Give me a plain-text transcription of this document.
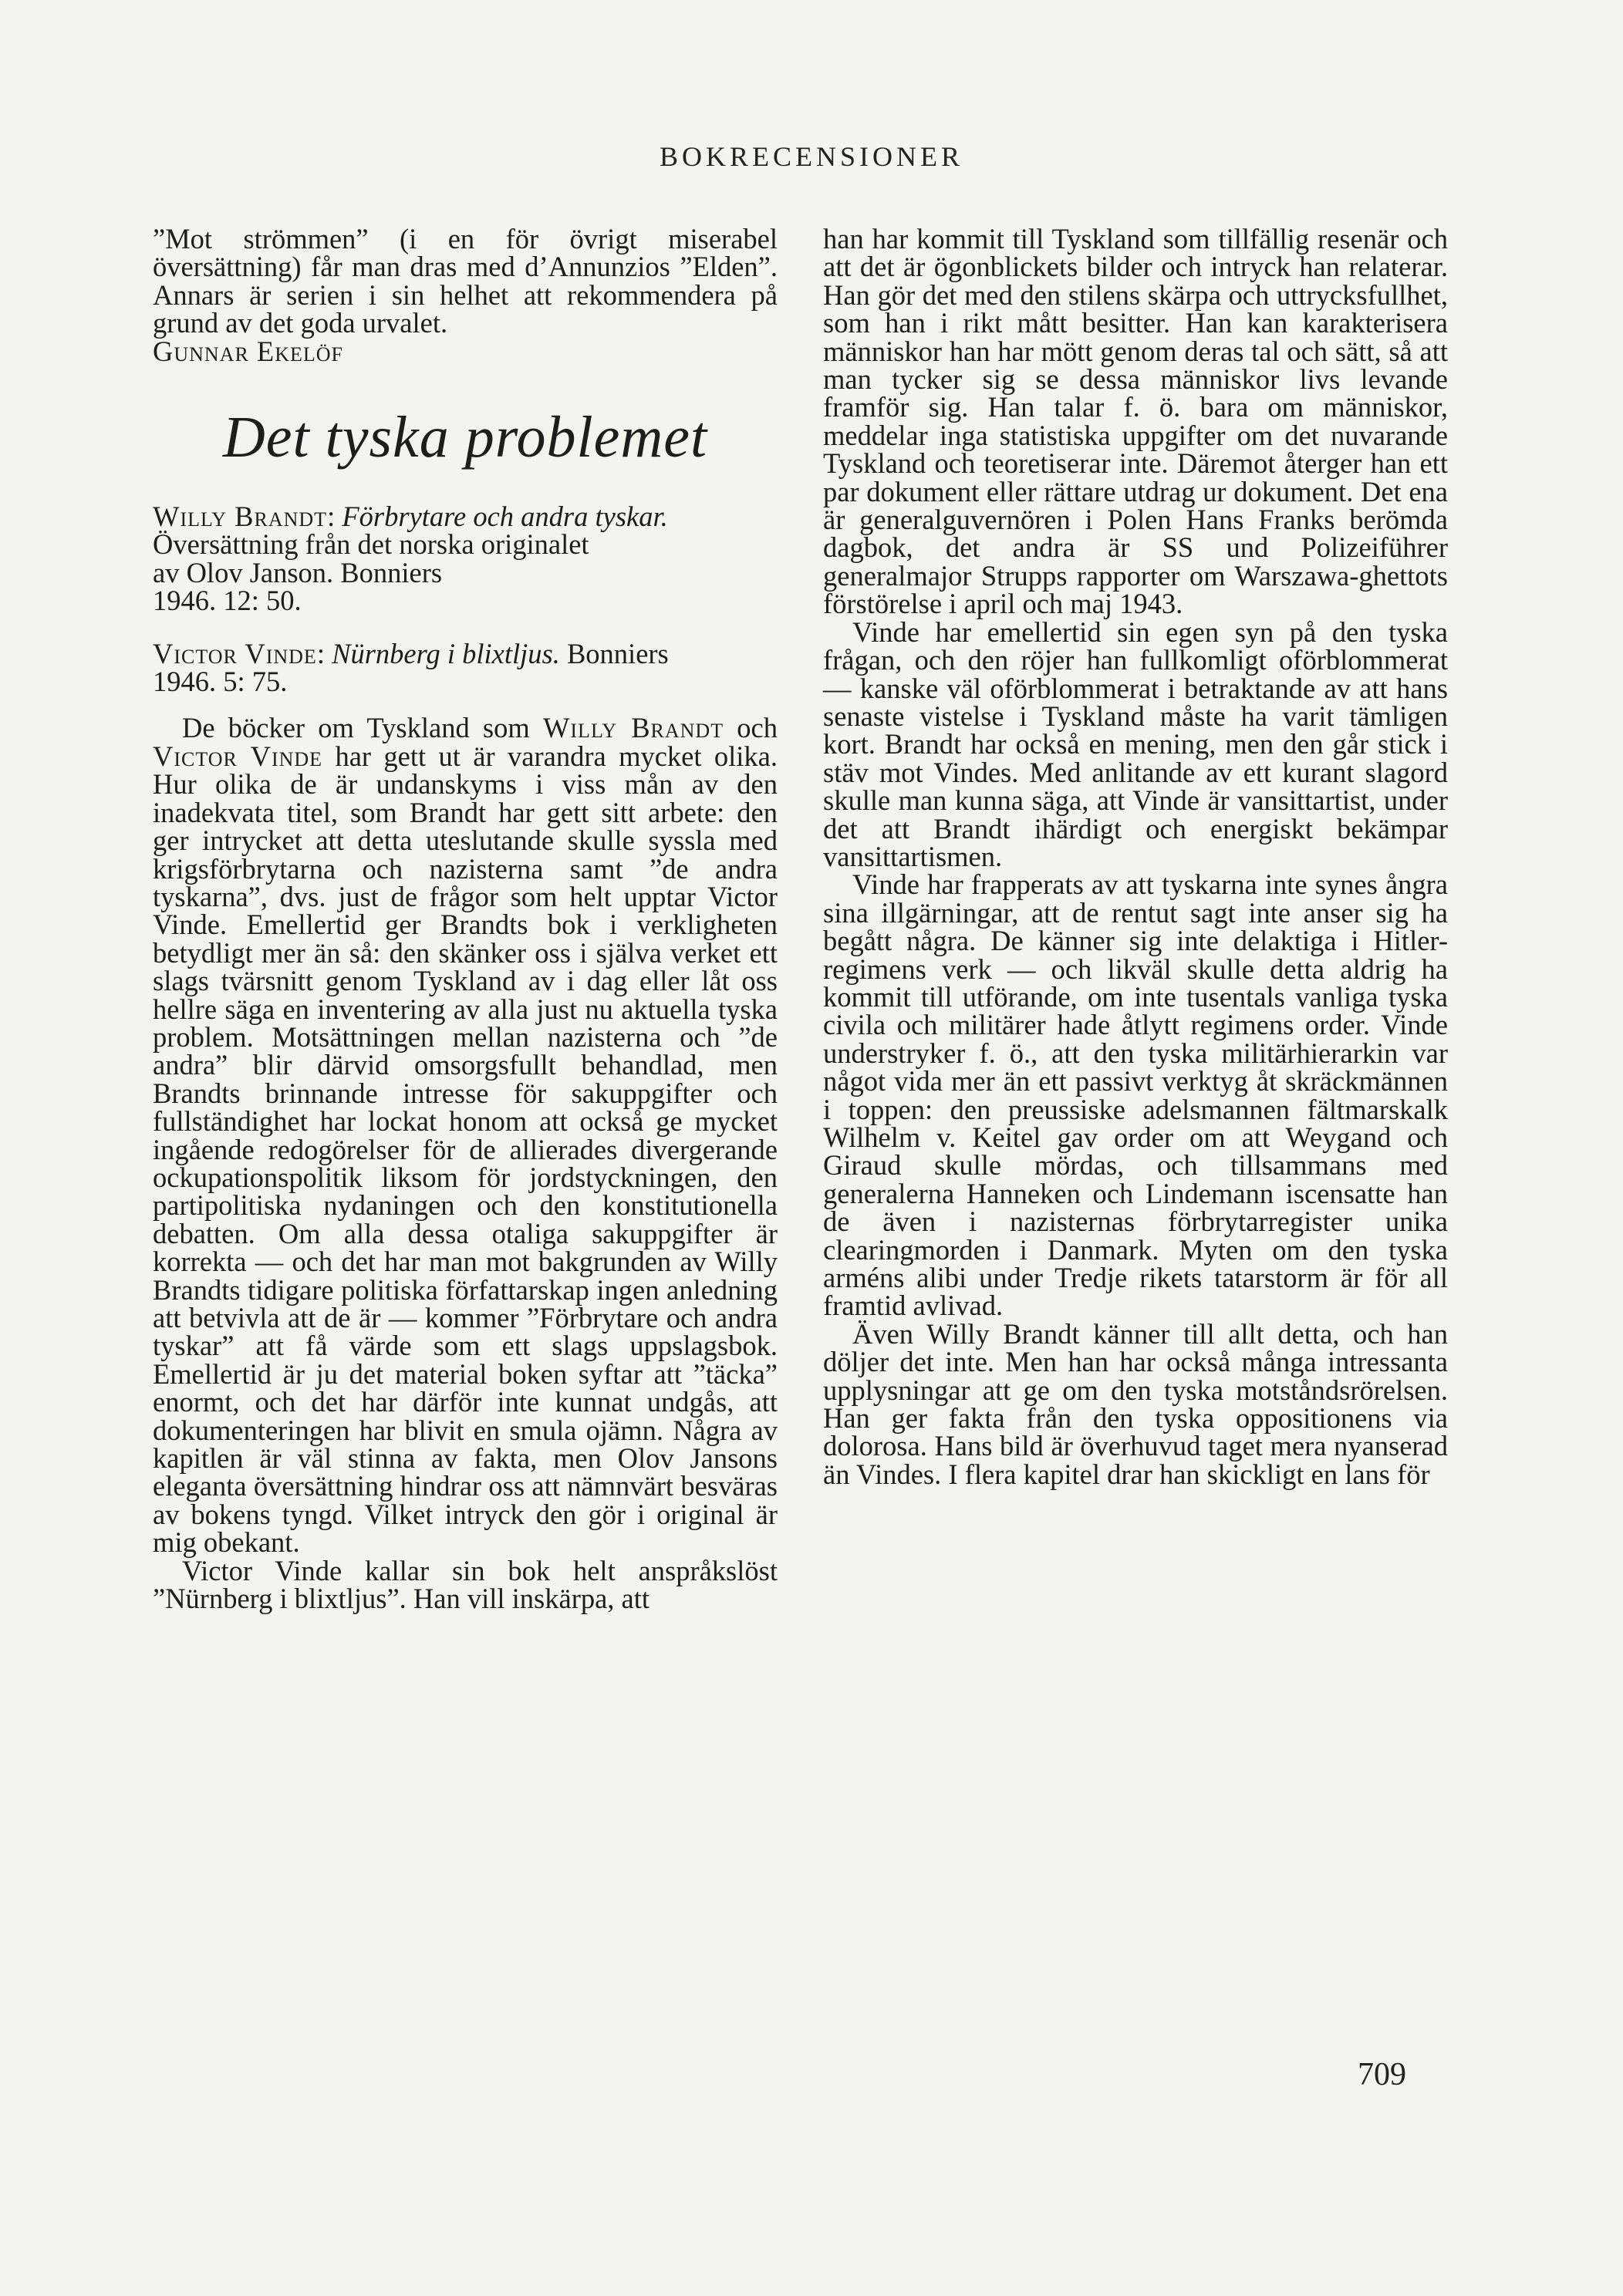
BOKRECENSIONER

”Mot strömmen” (i en för övrigt miserabel översättning) får man dras med d’Annunzios ”Elden”. Annars är serien i sin helhet att rekommendera på grund av det goda urvalet.

Gunnar Ekelöf

Det tyska problemet

Willy Brandt: Förbrytare och andra tyskar.

Översättning från det norska originalet

av Olov Janson. Bonniers

1946. 12: 50.

Victor Vinde: Nürnberg i blixtljus. Bonniers

1946. 5: 75.

De böcker om Tyskland som Willy Brandt och Victor Vinde har gett ut är varandra mycket olika. Hur olika de är undanskyms i viss mån av den inadekvata titel, som Brandt har gett sitt arbete: den ger intrycket att detta uteslutande skulle syssla med krigsförbrytarna och nazisterna samt ”de andra tyskarna”, dvs. just de frågor som helt upptar Victor Vinde. Emellertid ger Brandts bok i verkligheten betydligt mer än så: den skänker oss i själva verket ett slags tvärsnitt genom Tyskland av i dag eller låt oss hellre säga en inventering av alla just nu aktuella tyska problem. Motsättningen mellan nazisterna och ”de andra” blir därvid omsorgsfullt behandlad, men Brandts brinnande intresse för sakuppgifter och fullständighet har lockat honom att också ge mycket ingående redogörelser för de allierades divergerande ockupationspolitik liksom för jordstyckningen, den partipolitiska nydaningen och den konstitutionella debatten. Om alla dessa otaliga sakuppgifter är korrekta — och det har man mot bakgrunden av Willy Brandts tidigare politiska författarskap ingen anledning att betvivla att de är — kommer ”Förbrytare och andra tyskar” att få värde som ett slags uppslagsbok. Emellertid är ju det material boken syftar att ”täcka” enormt, och det har därför inte kunnat undgås, att dokumenteringen har blivit en smula ojämn. Några av kapitlen är väl stinna av fakta, men Olov Jansons eleganta översättning hindrar oss att nämnvärt besväras av bokens tyngd. Vilket intryck den gör i original är mig obekant.

Victor Vinde kallar sin bok helt anspråkslöst ”Nürnberg i blixtljus”. Han vill inskärpa, att

han har kommit till Tyskland som tillfällig resenär och att det är ögonblickets bilder och intryck han relaterar. Han gör det med den stilens skärpa och uttrycksfullhet, som han i rikt mått besitter. Han kan karakterisera människor han har mött genom deras tal och sätt, så att man tycker sig se dessa människor livs levande framför sig. Han talar f. ö. bara om människor, meddelar inga statistiska uppgifter om det nuvarande Tyskland och teoretiserar inte. Däremot återger han ett par dokument eller rättare utdrag ur dokument. Det ena är generalguvernören i Polen Hans Franks berömda dagbok, det andra är SS und Polizeiführer generalmajor Strupps rapporter om Warszawa-ghettots förstörelse i april och maj 1943.

Vinde har emellertid sin egen syn på den tyska frågan, och den röjer han fullkomligt oförblommerat — kanske väl oförblommerat i betraktande av att hans senaste vistelse i Tyskland måste ha varit tämligen kort. Brandt har också en mening, men den går stick i stäv mot Vindes. Med anlitande av ett kurant slagord skulle man kunna säga, att Vinde är vansittartist, under det att Brandt ihärdigt och energiskt bekämpar vansittartismen.

Vinde har frapperats av att tyskarna inte synes ångra sina illgärningar, att de rentut sagt inte anser sig ha begått några. De känner sig inte delaktiga i Hitler-regimens verk — och likväl skulle detta aldrig ha kommit till utförande, om inte tusentals vanliga tyska civila och militärer hade åtlytt regimens order. Vinde understryker f. ö., att den tyska militärhierarkin var något vida mer än ett passivt verktyg åt skräckmännen i toppen: den preussiske adelsmannen fältmarskalk Wilhelm v. Keitel gav order om att Weygand och Giraud skulle mördas, och tillsammans med generalerna Hanneken och Lindemann iscensatte han de även i nazisternas förbrytarregister unika clearingmorden i Danmark. Myten om den tyska arméns alibi under Tredje rikets tatarstorm är för all framtid avlivad.

Även Willy Brandt känner till allt detta, och han döljer det inte. Men han har också många intressanta upplysningar att ge om den tyska motståndsrörelsen. Han ger fakta från den tyska oppositionens via dolorosa. Hans bild är överhuvud taget mera nyanserad än Vindes. I flera kapitel drar han skickligt en lans för

709
